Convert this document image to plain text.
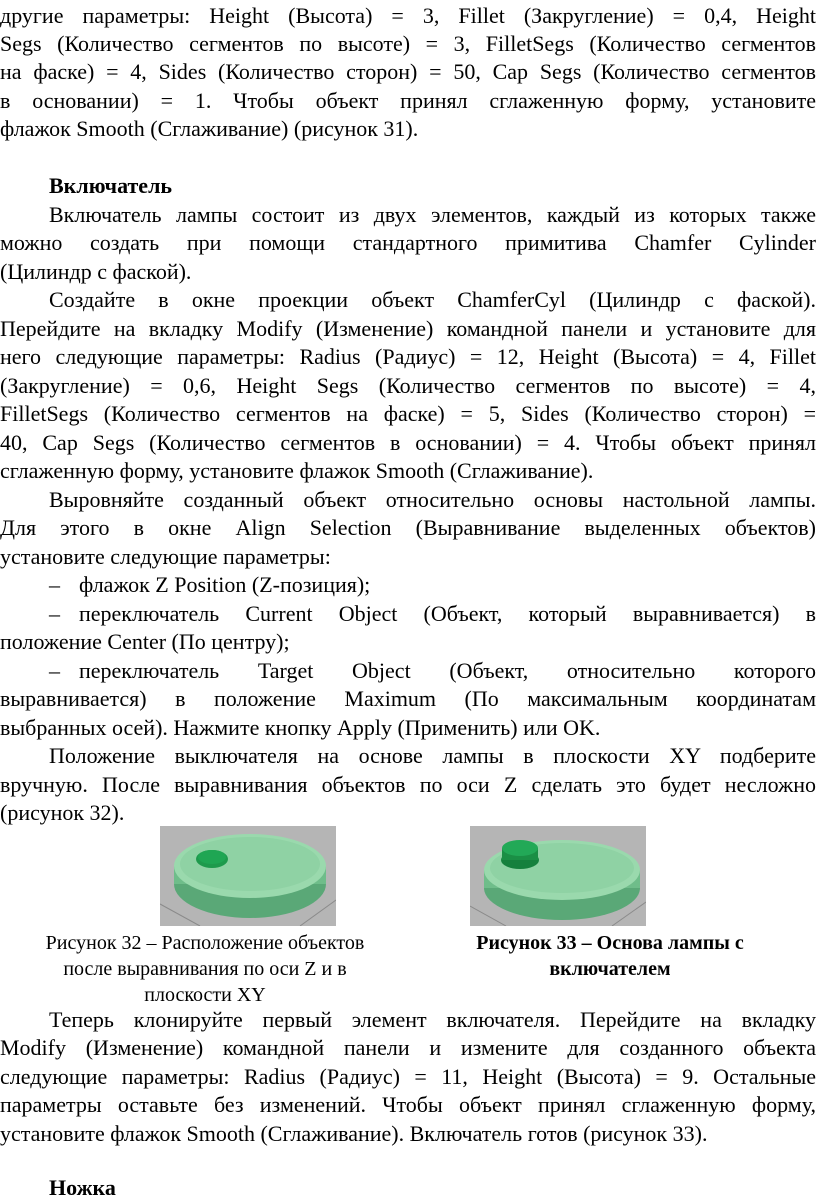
другие параметры: Height (Высота) = 3, Fillet (Закругление) = 0,4, Height
Segs (Количество сегментов по высоте) = 3, FilletSegs (Количество сегментов
на фаске) = 4, Sides (Количество сторон) = 50, Cap Segs (Количество сегментов
в основании) = 1. Чтобы объект принял сглаженную форму, установите
флажок Smooth (Сглаживание) (рисунок 31).
Включатель
Включатель лампы состоит из двух элементов, каждый из которых также
можно создать при помощи стандартного примитива Chamfer Cylinder
(Цилиндр с фаской).
Создайте в окне проекции объект ChamferCyl (Цилиндр с фаской).
Перейдите на вкладку Modify (Изменение) командной панели и установите для
него следующие параметры: Radius (Радиус) = 12, Height (Высота) = 4, Fillet
(Закругление) = 0,6, Height Segs (Количество сегментов по высоте) = 4,
FilletSegs (Количество сегментов на фаске) = 5, Sides (Количество сторон) =
40, Cap Segs (Количество сегментов в основании) = 4. Чтобы объект принял
сглаженную форму, установите флажок Smooth (Сглаживание).
Выровняйте созданный объект относительно основы настольной лампы.
Для этого в окне Align Selection (Выравнивание выделенных объектов)
установите следующие параметры:
– флажок Z Position (Z-позиция);
– переключатель Current Object (Объект, который выравнивается) в
положение Center (По центру);
– переключатель Target Object (Объект, относительно которого
выравнивается) в положение Maximum (По максимальным координатам
выбранных осей). Нажмите кнопку Apply (Применить) или OK.
Положение выключателя на основе лампы в плоскости XY подберите
вручную. После выравнивания объектов по оси Z сделать это будет несложно
(рисунок 32).
Рисунок 32 – Расположение объектов
после выравнивания по оси Z и в
плоскости XY
Рисунок 33 – Основа лампы с
включателем
Теперь клонируйте первый элемент включателя. Перейдите на вкладку
Modify (Изменение) командной панели и измените для созданного объекта
следующие параметры: Radius (Радиус) = 11, Height (Высота) = 9. Остальные
параметры оставьте без изменений. Чтобы объект принял сглаженную форму,
установите флажок Smooth (Сглаживание). Включатель готов (рисунок 33).
Ножка
